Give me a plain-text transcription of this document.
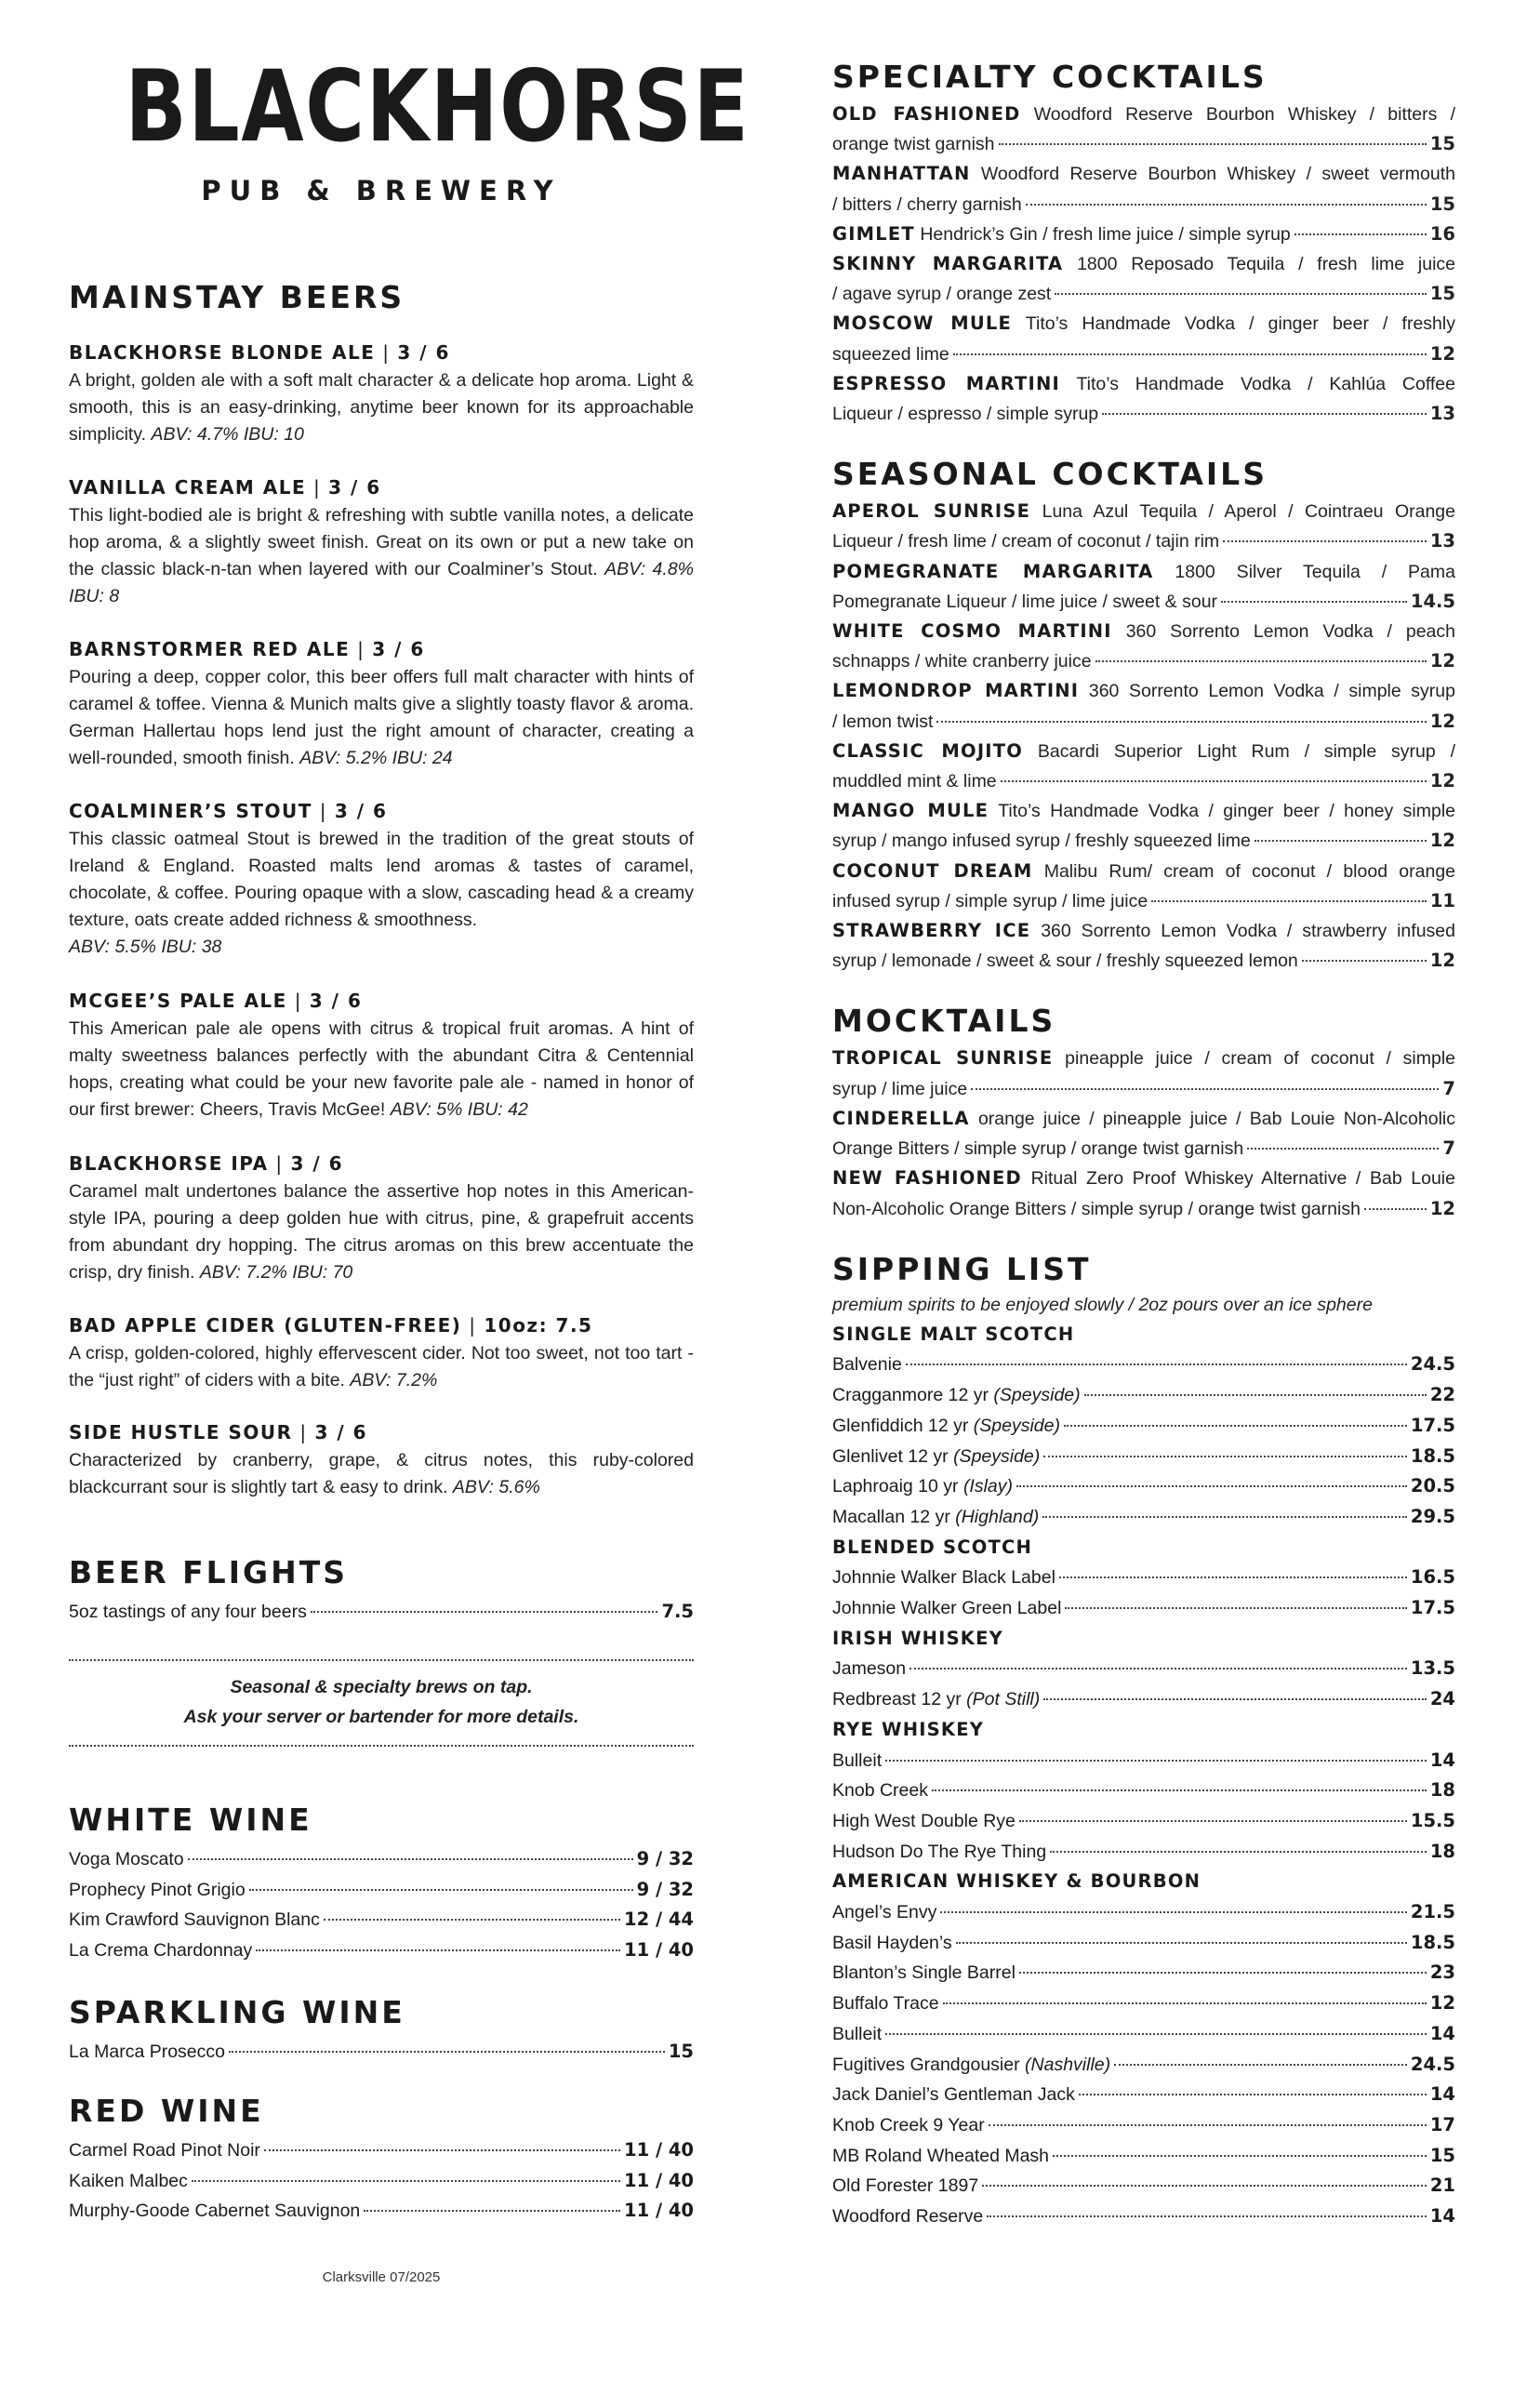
BLACKHORSE
PUB & BREWERY
MAINSTAY BEERS
BLACKHORSE BLONDE ALE | 3 / 6
A bright, golden ale with a soft malt character & a delicate hop aroma. Light & smooth, this is an easy-drinking, anytime beer known for its approachable simplicity. ABV: 4.7% IBU: 10
VANILLA CREAM ALE | 3 / 6
This light-bodied ale is bright & refreshing with subtle vanilla notes, a delicate hop aroma, & a slightly sweet finish. Great on its own or put a new take on the classic black-n-tan when layered with our Coalminer’s Stout. ABV: 4.8% IBU: 8
BARNSTORMER RED ALE | 3 / 6
Pouring a deep, copper color, this beer offers full malt character with hints of caramel & toffee. Vienna & Munich malts give a slightly toasty flavor & aroma. German Hallertau hops lend just the right amount of character, creating a well-rounded, smooth finish. ABV: 5.2% IBU: 24
COALMINER’S STOUT | 3 / 6
This classic oatmeal Stout is brewed in the tradition of the great stouts of Ireland & England. Roasted malts lend aromas & tastes of caramel, chocolate, & coffee. Pouring opaque with a slow, cascading head & a creamy texture, oats create added richness & smoothness.
ABV: 5.5% IBU: 38
MCGEE’S PALE ALE | 3 / 6
This American pale ale opens with citrus & tropical fruit aromas. A hint of malty sweetness balances perfectly with the abundant Citra & Centennial hops, creating what could be your new favorite pale ale - named in honor of our first brewer: Cheers, Travis McGee! ABV: 5% IBU: 42
BLACKHORSE IPA | 3 / 6
Caramel malt undertones balance the assertive hop notes in this American-style IPA, pouring a deep golden hue with citrus, pine, & grapefruit accents from abundant dry hopping. The citrus aromas on this brew accentuate the crisp, dry finish. ABV: 7.2% IBU: 70
BAD APPLE CIDER (GLUTEN-FREE) | 10oz: 7.5
A crisp, golden-colored, highly effervescent cider. Not too sweet, not too tart - the “just right” of ciders with a bite. ABV: 7.2%
SIDE HUSTLE SOUR | 3 / 6
Characterized by cranberry, grape, & citrus notes, this ruby-colored blackcurrant sour is slightly tart & easy to drink. ABV: 5.6%
BEER FLIGHTS
5oz tastings of any four beers	7.5
Seasonal & specialty brews on tap.
Ask your server or bartender for more details.
WHITE WINE
Voga Moscato	9 / 32
Prophecy Pinot Grigio	9 / 32
Kim Crawford Sauvignon Blanc	12 / 44
La Crema Chardonnay	11 / 40
SPARKLING WINE
La Marca Prosecco	15
RED WINE
Carmel Road Pinot Noir	11 / 40
Kaiken Malbec	11 / 40
Murphy-Goode Cabernet Sauvignon	11 / 40
Clarksville 07/2025
SPECIALTY COCKTAILS
OLD FASHIONED Woodford Reserve Bourbon Whiskey / bitters /
orange twist garnish	15
MANHATTAN Woodford Reserve Bourbon Whiskey / sweet vermouth
/ bitters / cherry garnish	15
GIMLET
Hendrick’s Gin / fresh lime juice / simple syrup	16
SKINNY MARGARITA 1800 Reposado Tequila / fresh lime juice
/ agave syrup / orange zest	15
MOSCOW MULE Tito’s Handmade Vodka / ginger beer / freshly
squeezed lime	12
ESPRESSO MARTINI Tito’s Handmade Vodka / Kahlúa Coffee
Liqueur / espresso / simple syrup	13
SEASONAL COCKTAILS
APEROL SUNRISE Luna Azul Tequila / Aperol / Cointraeu Orange
Liqueur / fresh lime / cream of coconut / tajin rim	13
POMEGRANATE MARGARITA 1800 Silver Tequila / Pama
Pomegranate Liqueur / lime juice / sweet & sour	14.5
WHITE COSMO MARTINI 360 Sorrento Lemon Vodka / peach
schnapps / white cranberry juice	12
LEMONDROP MARTINI 360 Sorrento Lemon Vodka / simple syrup
/ lemon twist	12
CLASSIC MOJITO Bacardi Superior Light Rum / simple syrup /
muddled mint & lime	12
MANGO MULE Tito’s Handmade Vodka / ginger beer / honey simple
syrup / mango infused syrup / freshly squeezed lime	12
COCONUT DREAM Malibu Rum/ cream of coconut / blood orange
infused syrup / simple syrup / lime juice	11
STRAWBERRY ICE 360 Sorrento Lemon Vodka / strawberry infused
syrup / lemonade / sweet & sour / freshly squeezed lemon	12
MOCKTAILS
TROPICAL SUNRISE pineapple juice / cream of coconut / simple
syrup / lime juice	7
CINDERELLA orange juice / pineapple juice / Bab Louie Non-Alcoholic
Orange Bitters / simple syrup / orange twist garnish	7
NEW FASHIONED Ritual Zero Proof Whiskey Alternative / Bab Louie
Non-Alcoholic Orange Bitters / simple syrup / orange twist garnish	12
SIPPING LIST
premium spirits to be enjoyed slowly / 2oz pours over an ice sphere
SINGLE MALT SCOTCH
Balvenie	24.5
Cragganmore 12 yr (Speyside)	22
Glenfiddich 12 yr (Speyside)	17.5
Glenlivet 12 yr (Speyside)	18.5
Laphroaig 10 yr (Islay)	20.5
Macallan 12 yr (Highland)	29.5
BLENDED SCOTCH
Johnnie Walker Black Label	16.5
Johnnie Walker Green Label	17.5
IRISH WHISKEY
Jameson	13.5
Redbreast 12 yr (Pot Still)	24
RYE WHISKEY
Bulleit	14
Knob Creek	18
High West Double Rye	15.5
Hudson Do The Rye Thing	18
AMERICAN WHISKEY & BOURBON
Angel’s Envy	21.5
Basil Hayden’s	18.5
Blanton’s Single Barrel	23
Buffalo Trace	12
Bulleit	14
Fugitives Grandgousier (Nashville)	24.5
Jack Daniel’s Gentleman Jack	14
Knob Creek 9 Year	17
MB Roland Wheated Mash	15
Old Forester 1897	21
Woodford Reserve	14
